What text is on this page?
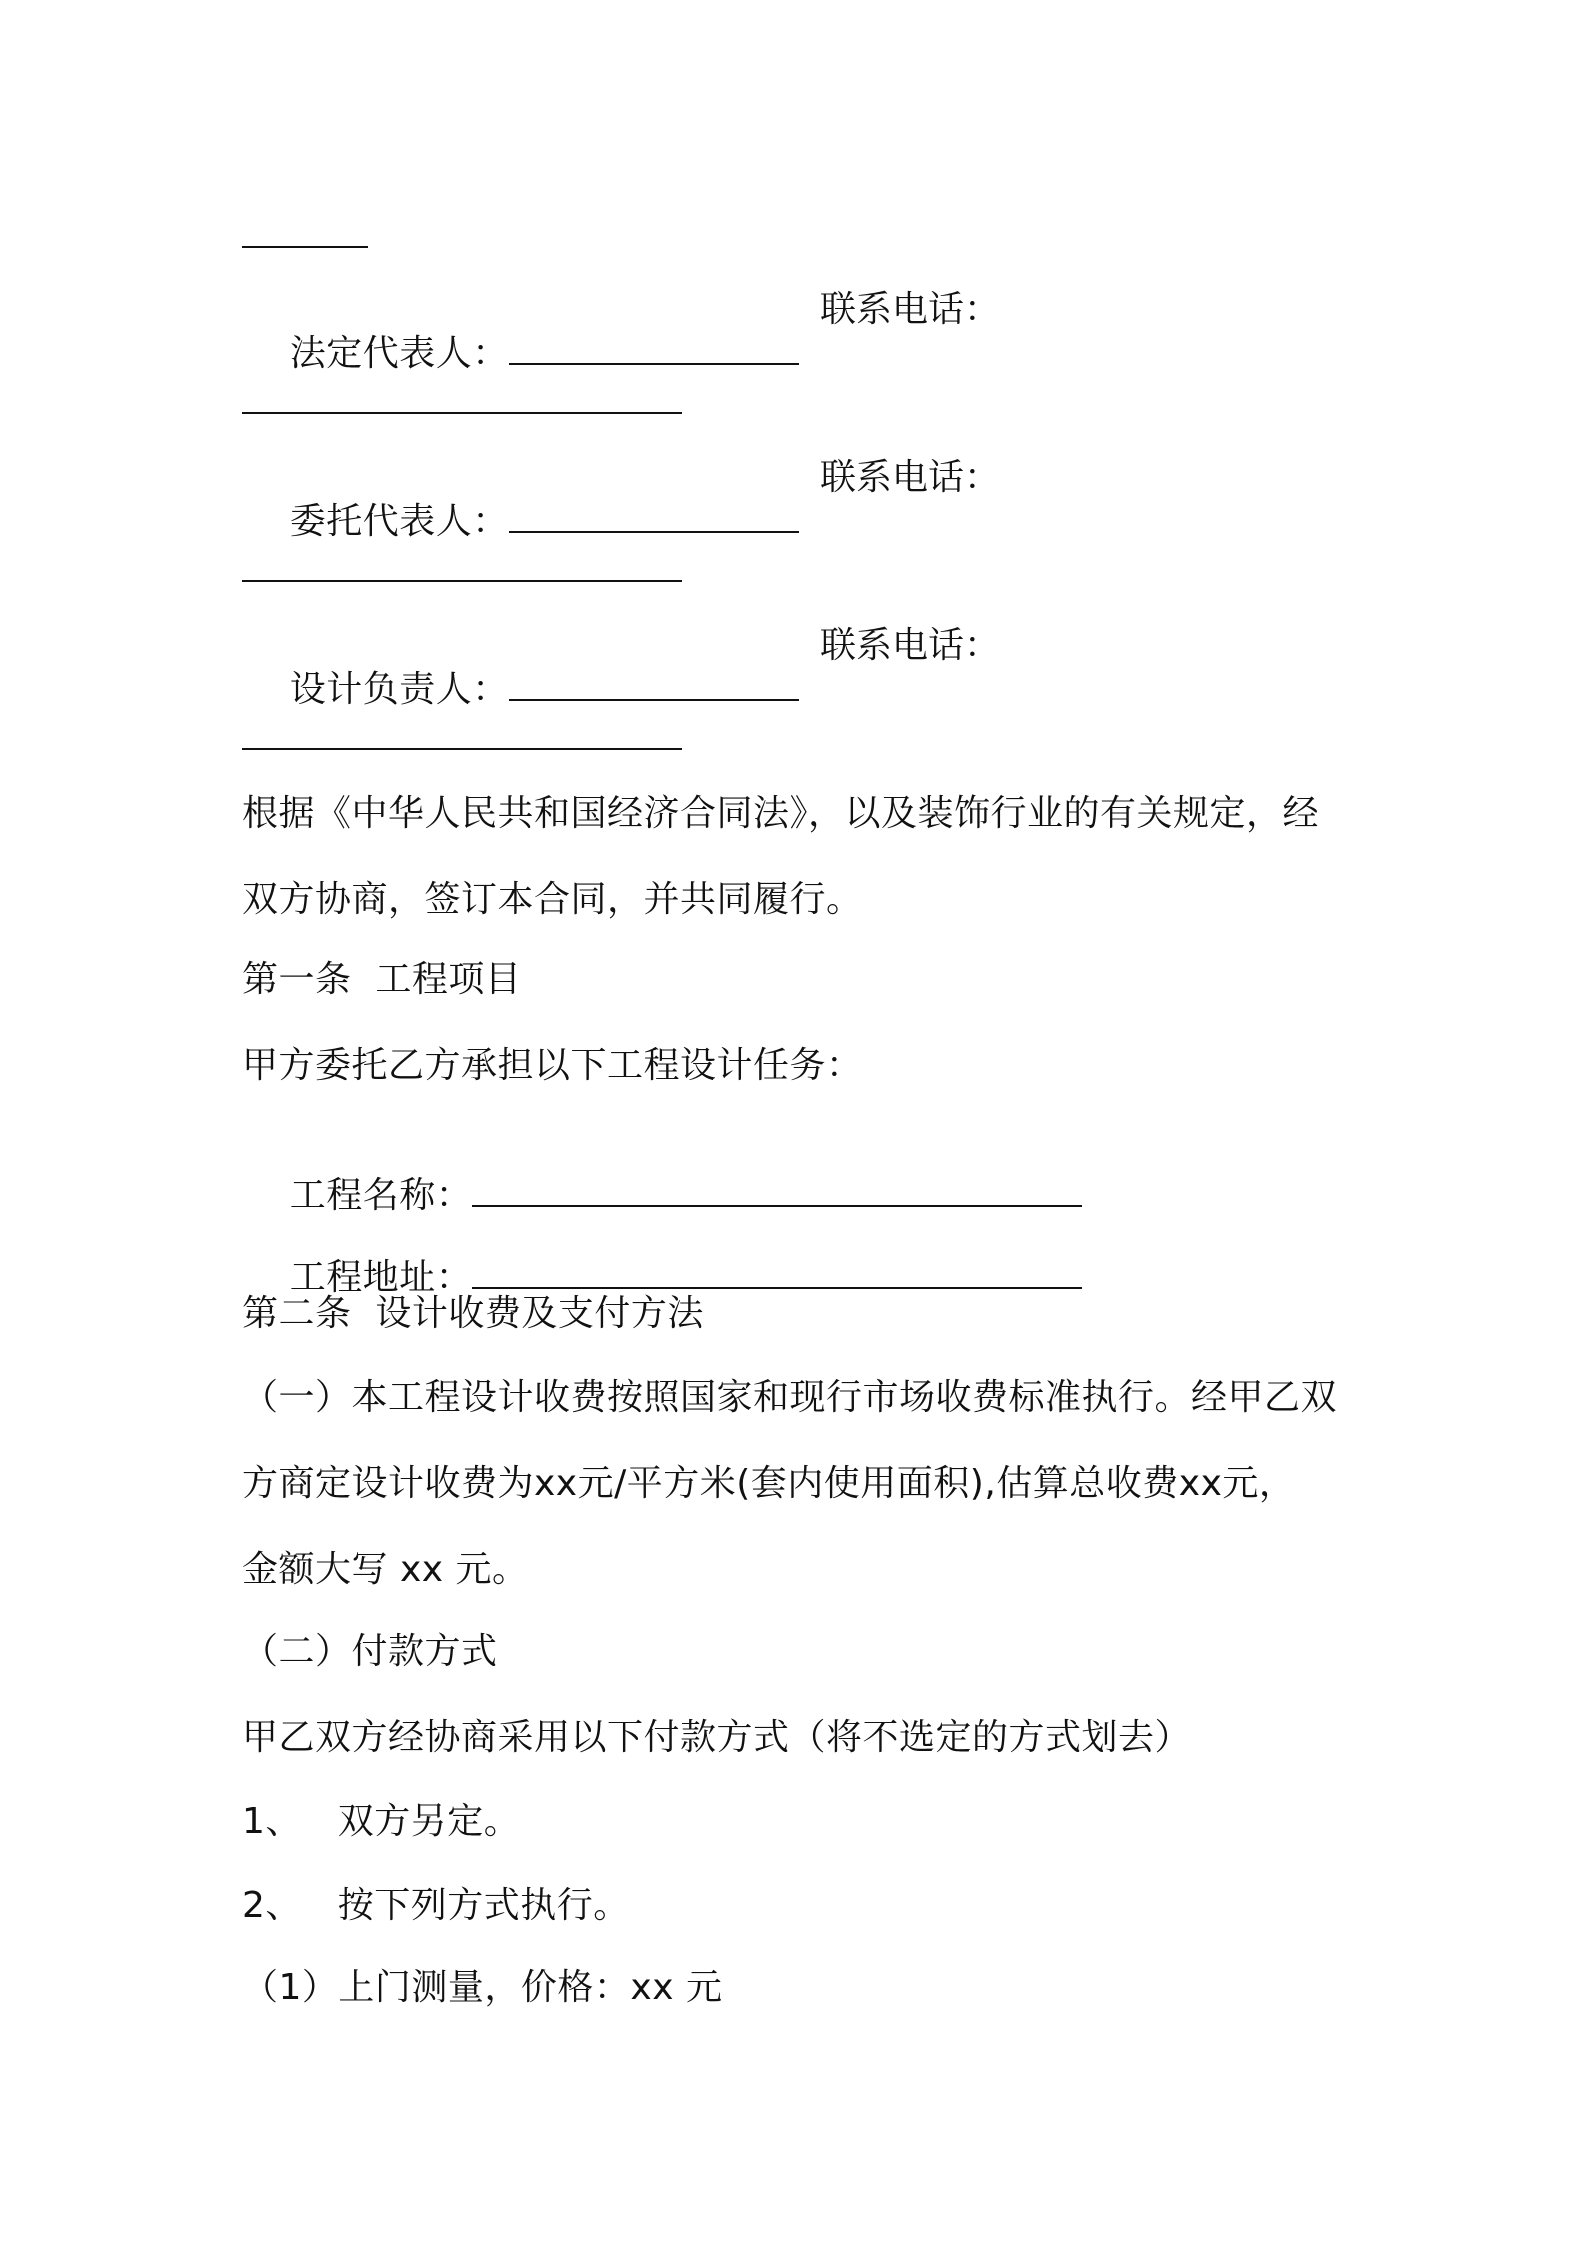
法定代表人：

联系电话：

委托代表人：

联系电话：

设计负责人：

联系电话：
根据《中华人民共和国经济合同法》，以及装饰行业的有关规定，经
双方协商，签订本合同，并共同履行。
第一条  工程项目
甲方委托乙方承担以下工程设计任务：

工程名称：

工程地址：

第二条  设计收费及支付方法
（一）本工程设计收费按照国家和现行市场收费标准执行。经甲乙双
方商定设计收费为xx元/平方米(套内使用面积),估算总收费xx元，
金额大写 xx 元。
（二）付款方式
甲乙双方经协商采用以下付款方式（将不选定的方式划去）
1、   双方另定。
2、   按下列方式执行。
（1）上门测量，价格：xx 元
